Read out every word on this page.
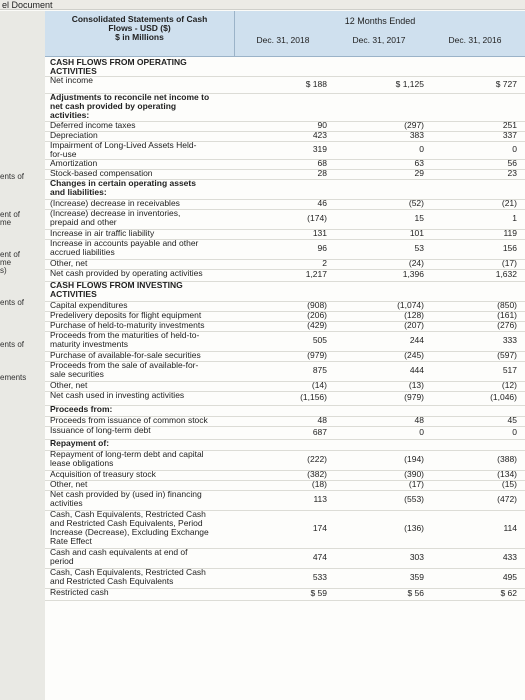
el Document
ents of
ent of
me
ent of
me
s)
ents of
ents of
ements
Consolidated Statements of Cash
Flows - USD ($)
$ in Millions
12 Months Ended
Dec. 31, 2018	Dec. 31, 2017	Dec. 31, 2016
CASH FLOWS FROM OPERATING
ACTIVITIES
Net income	$ 188	$ 1,125	$ 727
Adjustments to reconcile net income to
net cash provided by operating
activities:
Deferred income taxes	90	(297)	251
Depreciation	423	383	337
Impairment of Long-Lived Assets Held-
for-use	319	0	0
Amortization	68	63	56
Stock-based compensation	28	29	23
Changes in certain operating assets
and liabilities:
(Increase) decrease in receivables	46	(52)	(21)
(Increase) decrease in inventories,
prepaid and other	(174)	15	1
Increase in air traffic liability	131	101	119
Increase in accounts payable and other
accrued liabilities	96	53	156
Other, net	2	(24)	(17)
Net cash provided by operating activities	1,217	1,396	1,632
CASH FLOWS FROM INVESTING
ACTIVITIES
Capital expenditures	(908)	(1,074)	(850)
Predelivery deposits for flight equipment	(206)	(128)	(161)
Purchase of held-to-maturity investments	(429)	(207)	(276)
Proceeds from the maturities of held-to-
maturity investments	505	244	333
Purchase of available-for-sale securities	(979)	(245)	(597)
Proceeds from the sale of available-for-
sale securities	875	444	517
Other, net	(14)	(13)	(12)
Net cash used in investing activities	(1,156)	(979)	(1,046)
Proceeds from:
Proceeds from issuance of common stock	48	48	45
Issuance of long-term debt	687	0	0
Repayment of:
Repayment of long-term debt and capital
lease obligations	(222)	(194)	(388)
Acquisition of treasury stock	(382)	(390)	(134)
Other, net	(18)	(17)	(15)
Net cash provided by (used in) financing
activities	113	(553)	(472)
Cash, Cash Equivalents, Restricted Cash
and Restricted Cash Equivalents, Period
Increase (Decrease), Excluding Exchange
Rate Effect
174	(136)	114
Cash and cash equivalents at end of
period	474	303	433
Cash, Cash Equivalents, Restricted Cash
and Restricted Cash Equivalents	533	359	495
Restricted cash	$ 59	$ 56	$ 62
